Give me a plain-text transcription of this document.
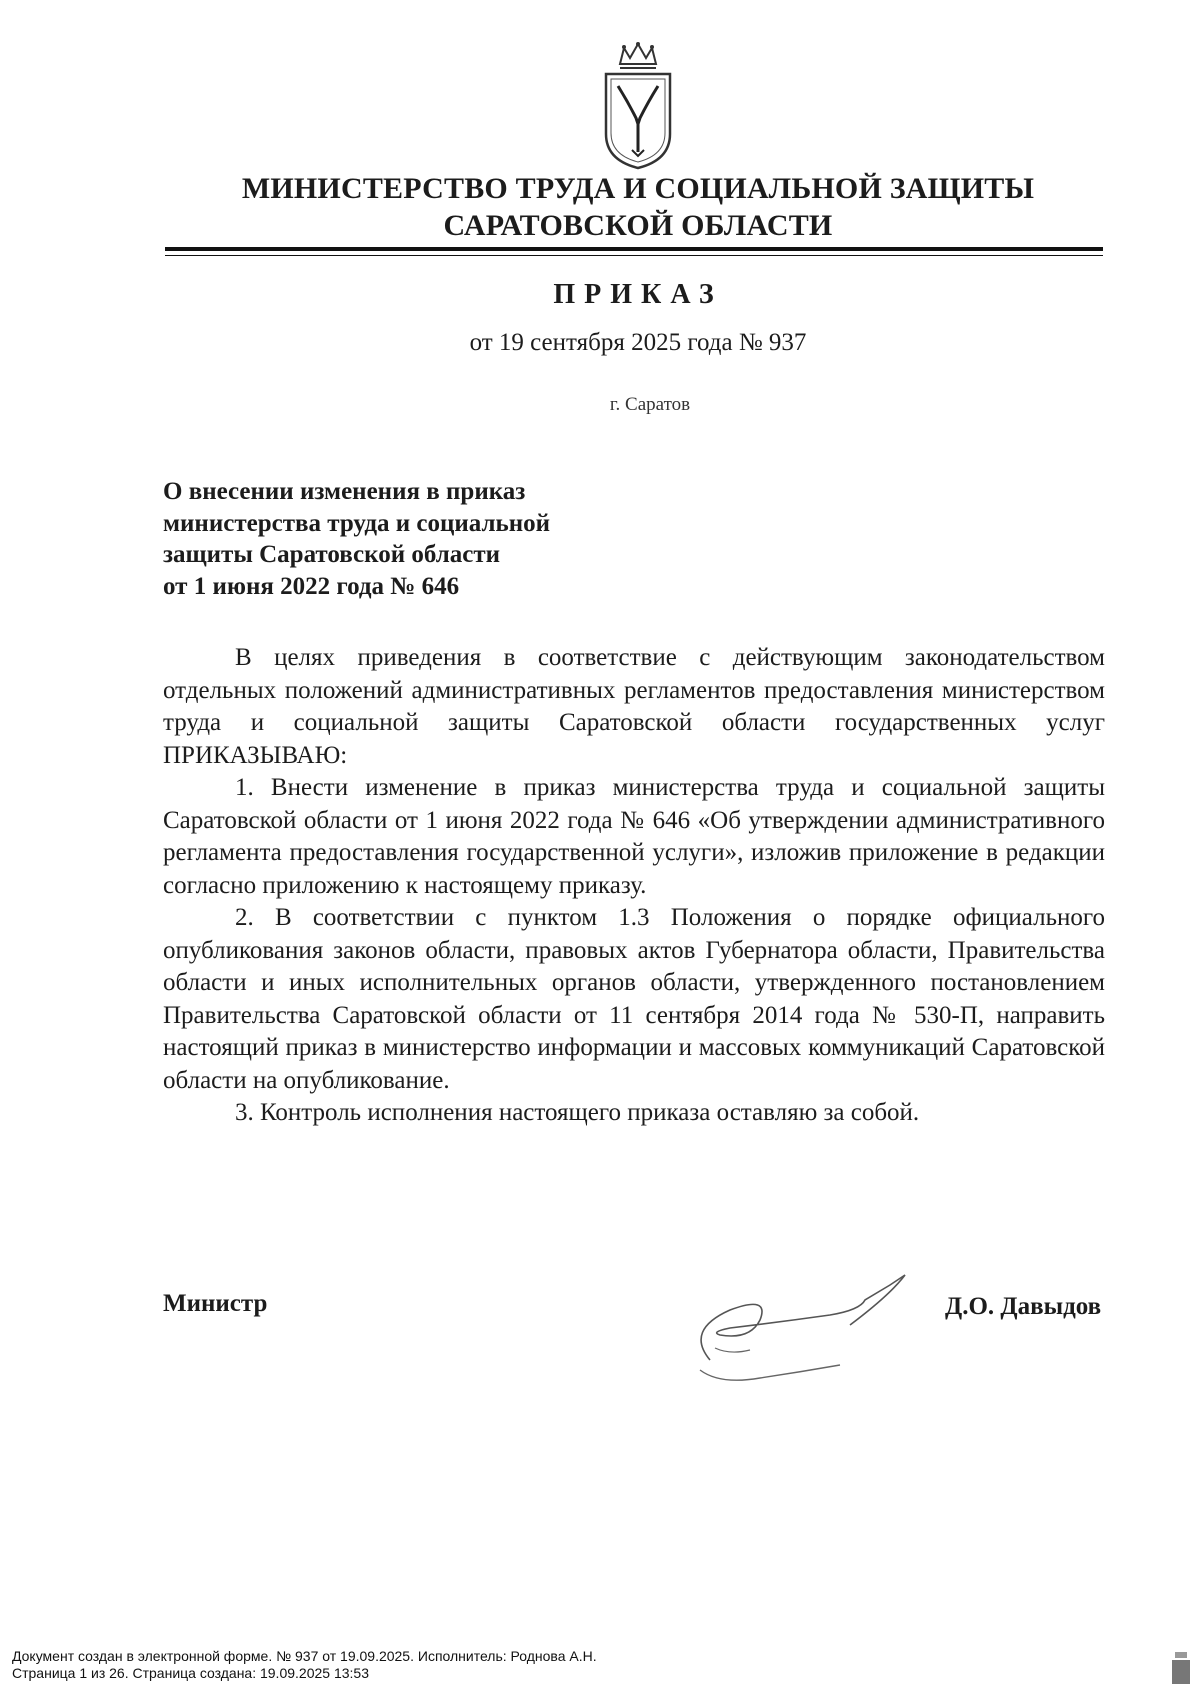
МИНИСТЕРСТВО ТРУДА И СОЦИАЛЬНОЙ ЗАЩИТЫ
САРАТОВСКОЙ ОБЛАСТИ
ПРИКАЗ
от 19 сентября 2025 года № 937
г. Саратов
О внесении изменения в приказ
министерства труда и социальной
защиты Саратовской области
от 1 июня 2022 года № 646

В целях приведения в соответствие с действующим законодательством отдельных положений административных регламентов предоставления министерством труда и социальной защиты Саратовской области государственных услуг ПРИКАЗЫВАЮ:

1. Внести изменение в приказ министерства труда и социальной защиты Саратовской области от 1 июня 2022 года № 646 «Об утверждении административного регламента предоставления государственной услуги», изложив приложение в редакции согласно приложению к настоящему приказу.

2. В соответствии с пунктом 1.3 Положения о порядке официального опубликования законов области, правовых актов Губернатора области, Правительства области и иных исполнительных органов области, утвержденного постановлением Правительства Саратовской области от 11 сентября 2014 года № 530-П, направить настоящий приказ в министерство информации и массовых коммуникаций Саратовской области на опубликование.

3. Контроль исполнения настоящего приказа оставляю за собой.

Министр	Д.О. Давыдов
Документ создан в электронной форме. № 937 от 19.09.2025. Исполнитель: Роднова А.Н.
Страница 1 из 26. Страница создана: 19.09.2025 13:53
